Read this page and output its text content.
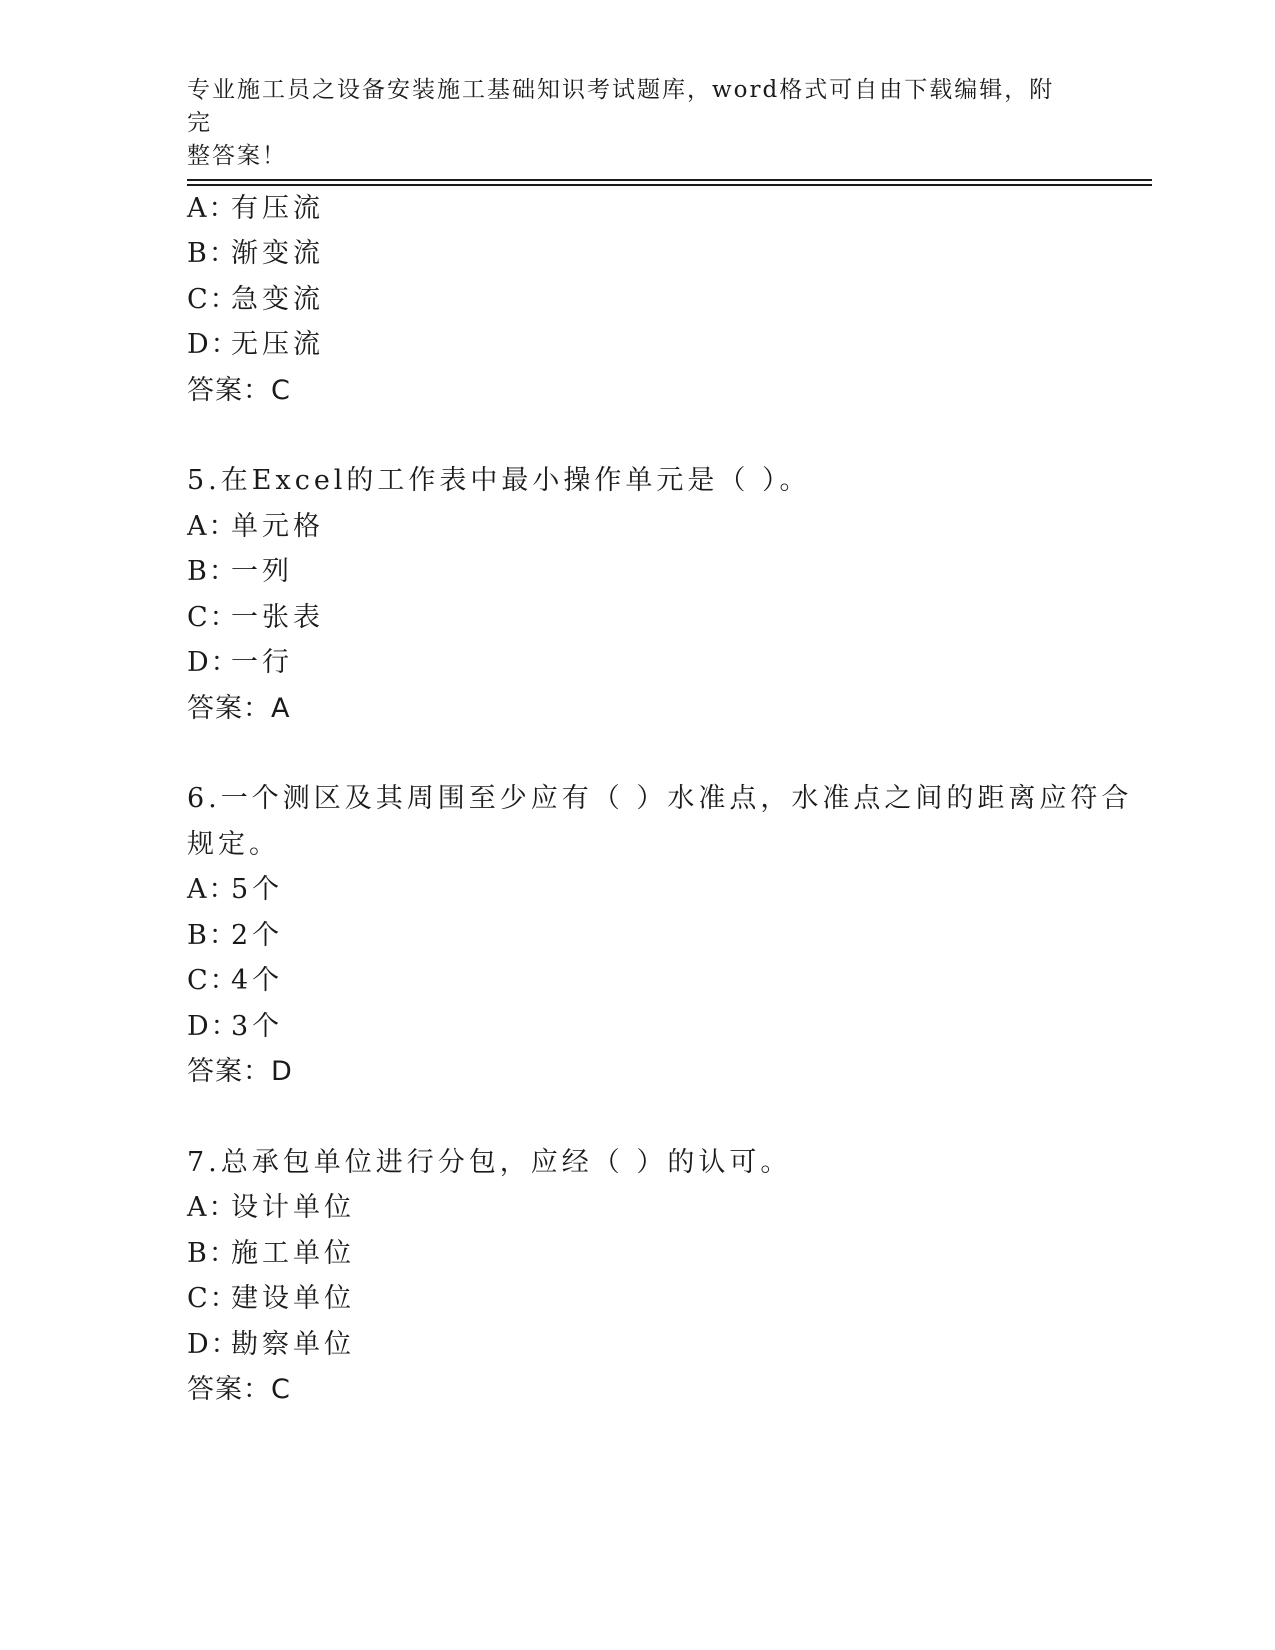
专业施工员之设备安装施工基础知识考试题库，word格式可自由下载编辑，附完
整答案！
A：有压流
B：渐变流
C：急变流
D：无压流
答案：C
5.在Excel的工作表中最小操作单元是（ ）。
A：单元格
B：一列
C：一张表
D：一行
答案：A
6.一个测区及其周围至少应有（ ）水准点，水准点之间的距离应符合
规定。
A：5个
B：2个
C：4个
D：3个
答案：D
7.总承包单位进行分包，应经（ ）的认可。
A：设计单位
B：施工单位
C：建设单位
D：勘察单位
答案：C
